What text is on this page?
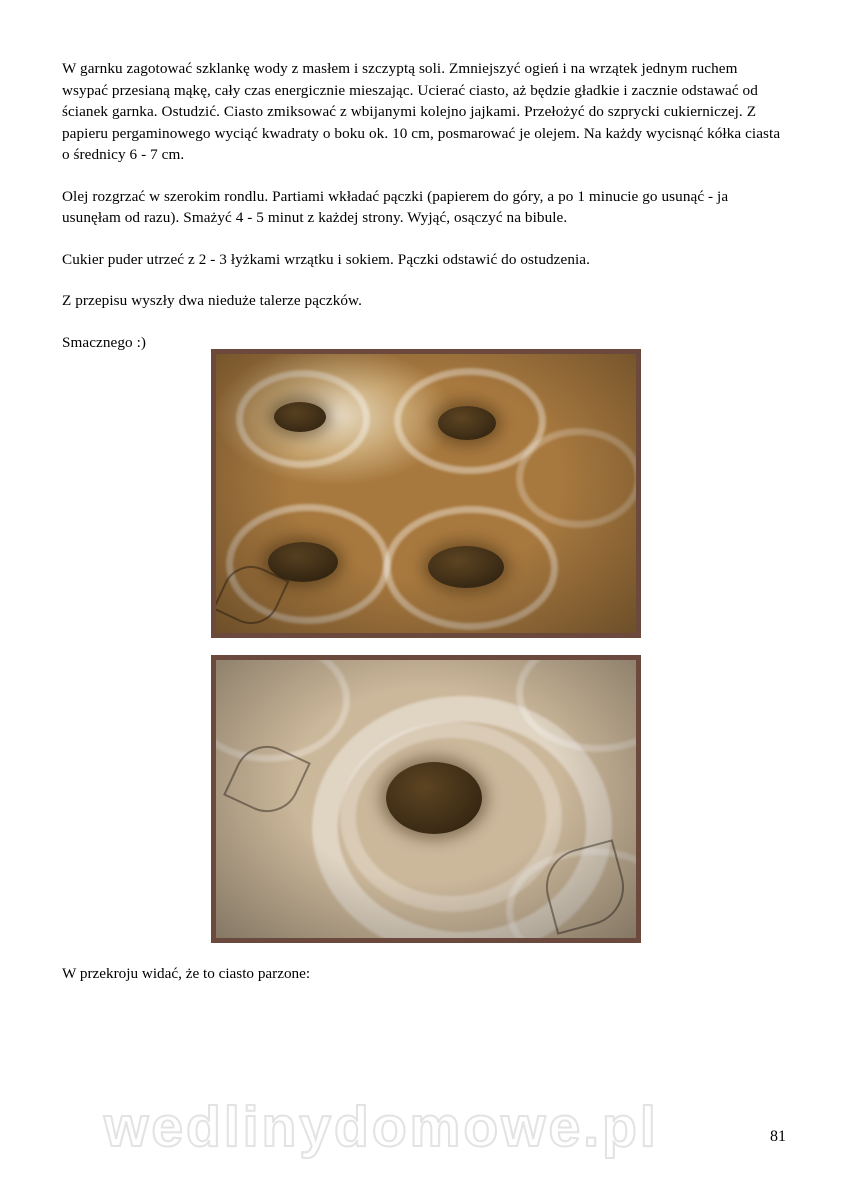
W garnku zagotować szklankę wody z masłem i szczyptą soli. Zmniejszyć ogień i na wrzątek jednym ruchem wsypać przesianą mąkę, cały czas energicznie mieszając. Ucierać ciasto, aż będzie gładkie i zacznie odstawać od ścianek garnka. Ostudzić. Ciasto zmiksować z wbijanymi kolejno jajkami. Przełożyć do szprycki cukierniczej. Z papieru pergaminowego wyciąć kwadraty o boku ok. 10 cm, posmarować je olejem. Na każdy wycisnąć kółka ciasta o średnicy 6 - 7 cm.

Olej rozgrzać w szerokim rondlu. Partiami wkładać pączki (papierem do góry, a po 1 minucie go usunąć - ja usunęłam od razu). Smażyć 4 - 5 minut z każdej strony. Wyjąć, osączyć na bibule.

Cukier puder utrzeć z 2 - 3 łyżkami wrzątku i sokiem. Pączki odstawić do ostudzenia.

Z przepisu wyszły dwa nieduże talerze pączków.

Smacznego :)

W przekroju widać, że to ciasto parzone:
wedlinydomowe.pl	81
